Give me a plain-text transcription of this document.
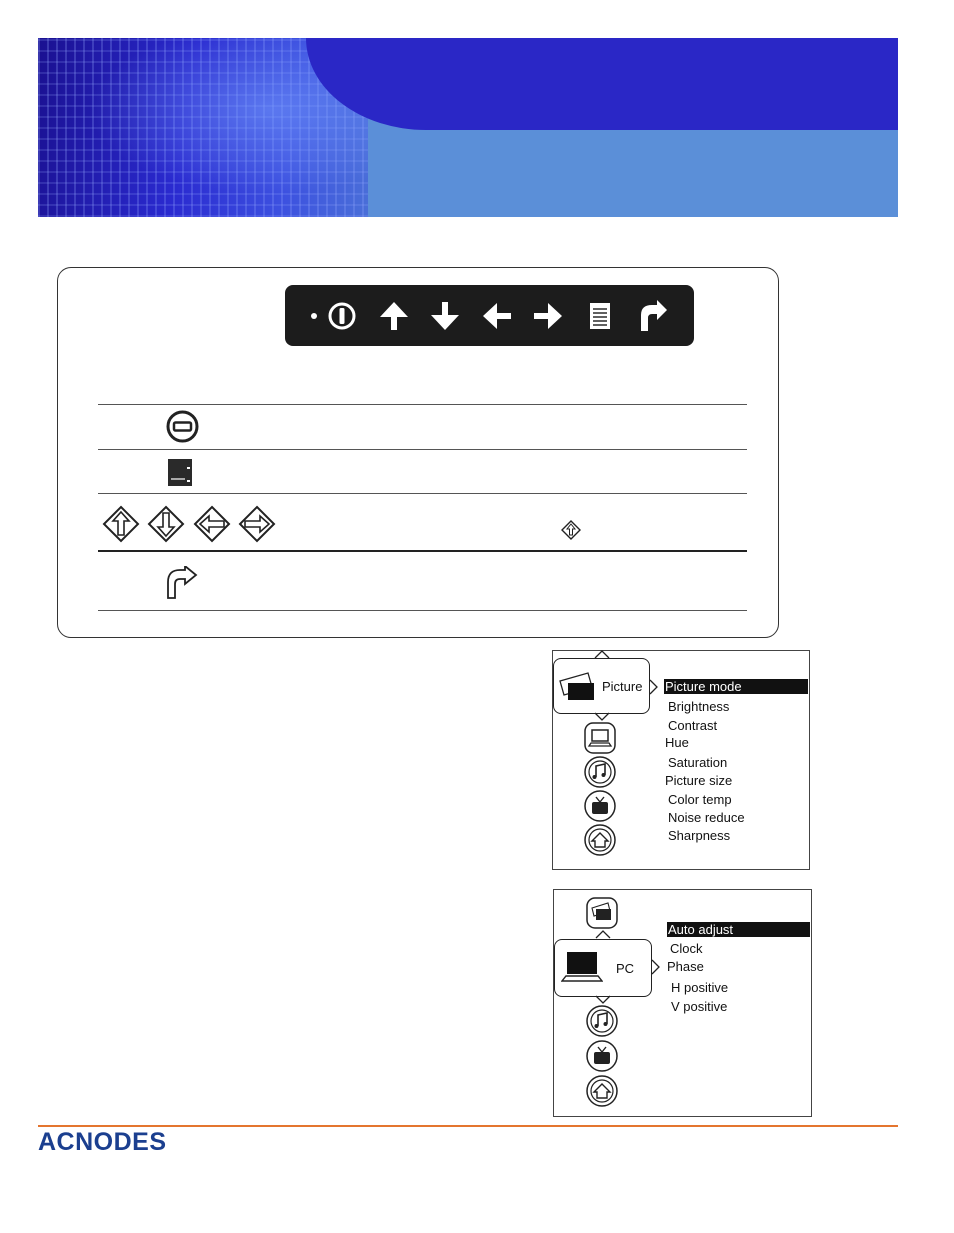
Picture Picture mode
Brightness
Contrast
Hue
Saturation
Picture size
Color temp
Noise reduce
Sharpness
PC
Auto adjust
Clock
Phase
H positive
V positive
ACNODES
